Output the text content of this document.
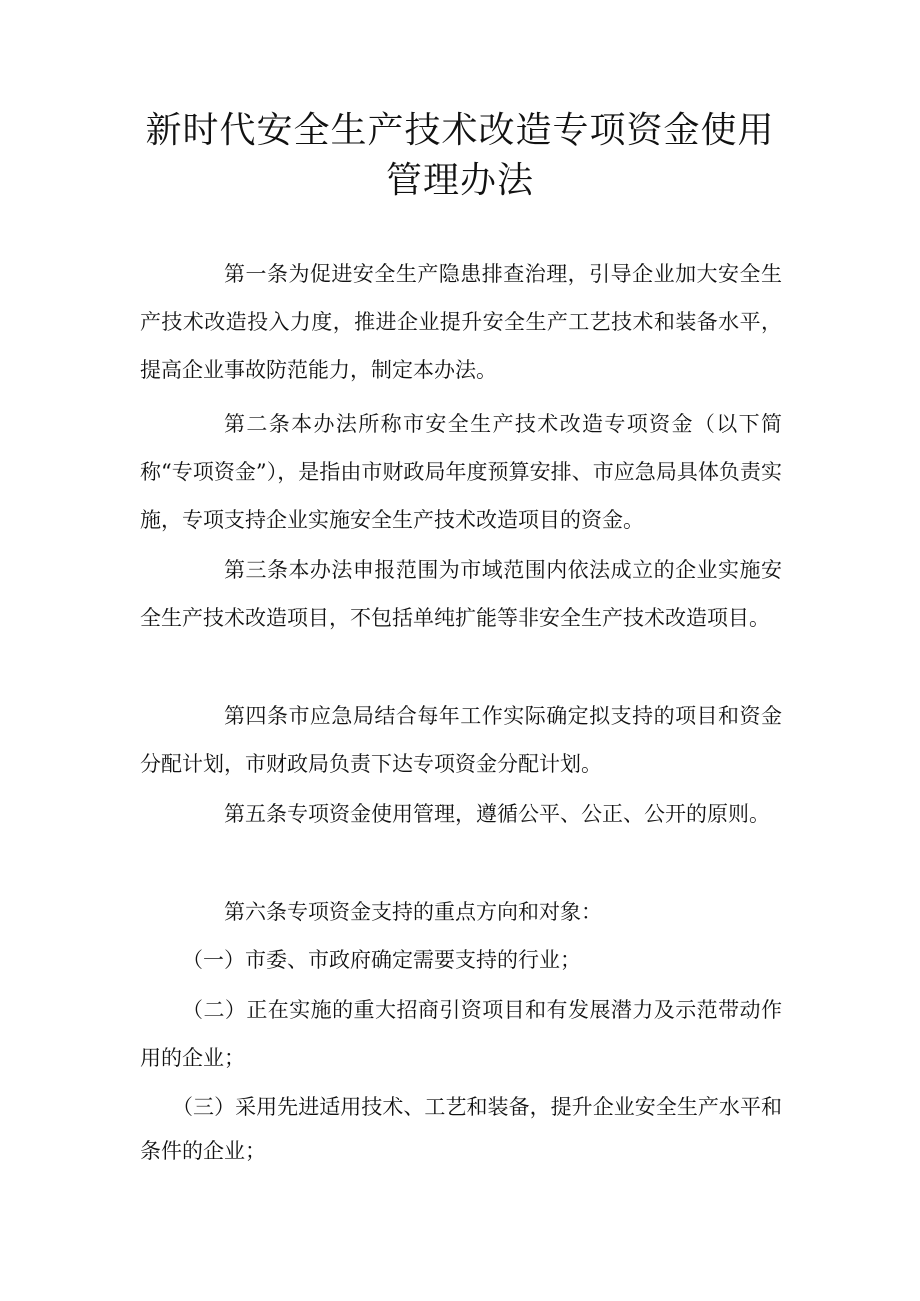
新时代安全生产技术改造专项资金使用管理办法

第一条为促进安全生产隐患排查治理，引导企业加大安全生产技术改造投入力度，推进企业提升安全生产工艺技术和装备水平，提高企业事故防范能力，制定本办法。

第二条本办法所称市安全生产技术改造专项资金（以下简称“专项资金”），是指由市财政局年度预算安排、市应急局具体负责实施，专项支持企业实施安全生产技术改造项目的资金。

第三条本办法申报范围为市域范围内依法成立的企业实施安全生产技术改造项目，不包括单纯扩能等非安全生产技术改造项目。

第四条市应急局结合每年工作实际确定拟支持的项目和资金分配计划，市财政局负责下达专项资金分配计划。

第五条专项资金使用管理，遵循公平、公正、公开的原则。

第六条专项资金支持的重点方向和对象：

（一）市委、市政府确定需要支持的行业；

（二）正在实施的重大招商引资项目和有发展潜力及示范带动作用的企业；

（三）采用先进适用技术、工艺和装备，提升企业安全生产水平和条件的企业；
